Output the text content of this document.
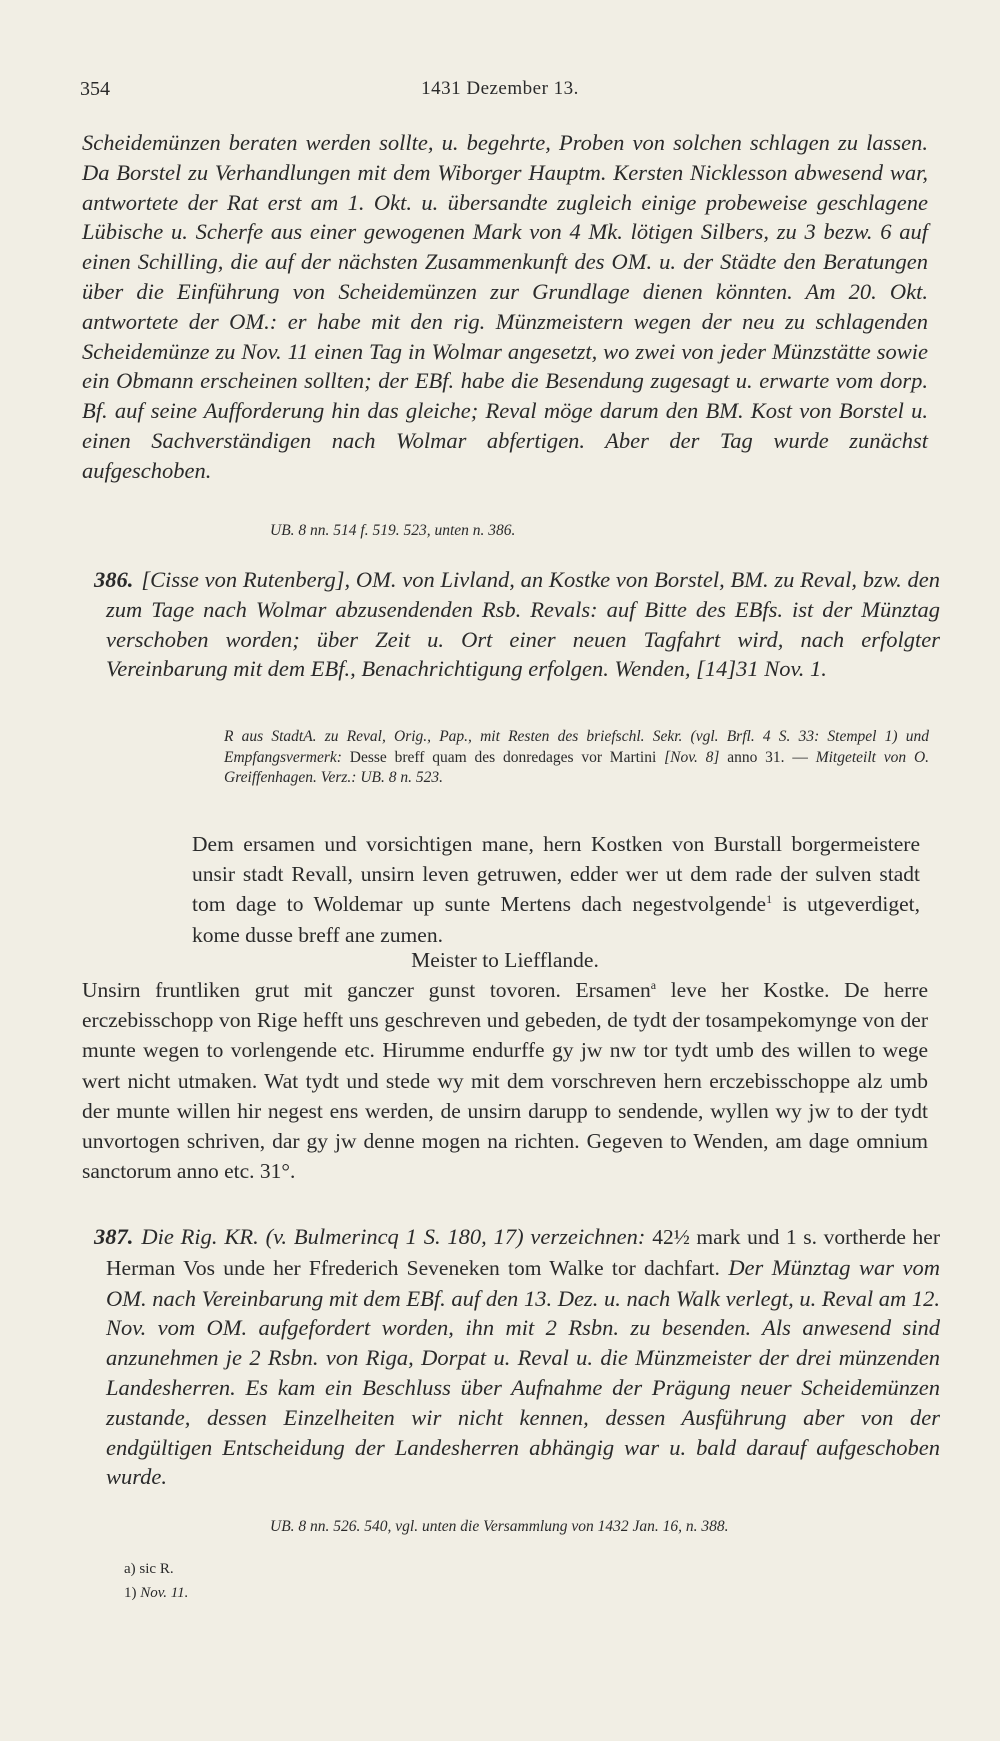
354	1431 Dezember 13.

Scheidemünzen beraten werden sollte, u. begehrte, Proben von solchen schlagen zu lassen. Da Borstel zu Verhandlungen mit dem Wiborger Hauptm. Kersten Nicklesson abwesend war, antwortete der Rat erst am 1. Okt. u. übersandte zugleich einige probeweise geschlagene Lübische u. Scherfe aus einer gewogenen Mark von 4 Mk. lötigen Silbers, zu 3 bezw. 6 auf einen Schilling, die auf der nächsten Zusammenkunft des OM. u. der Städte den Beratungen über die Einführung von Scheidemünzen zur Grundlage dienen könnten. Am 20. Okt. antwortete der OM.: er habe mit den rig. Münzmeistern wegen der neu zu schlagenden Scheidemünze zu Nov. 11 einen Tag in Wolmar angesetzt, wo zwei von jeder Münzstätte sowie ein Obmann erscheinen sollten; der EBf. habe die Besendung zugesagt u. erwarte vom dorp. Bf. auf seine Aufforderung hin das gleiche; Reval möge darum den BM. Kost von Borstel u. einen Sachverständigen nach Wolmar abfertigen. Aber der Tag wurde zunächst aufgeschoben.

UB. 8 nn. 514 f. 519. 523, unten n. 386.

386. [Cisse von Rutenberg], OM. von Livland, an Kostke von Borstel, BM. zu Reval, bzw. den zum Tage nach Wolmar abzusendenden Rsb. Revals: auf Bitte des EBfs. ist der Münztag verschoben worden; über Zeit u. Ort einer neuen Tagfahrt wird, nach erfolgter Vereinbarung mit dem EBf., Benachrichtigung erfolgen. Wenden, [14]31 Nov. 1.

R aus StadtA. zu Reval, Orig., Pap., mit Resten des briefschl. Sekr. (vgl. Brfl. 4 S. 33: Stempel 1) und Empfangsvermerk: Desse breff quam des donredages vor Martini [Nov. 8] anno 31. — Mitgeteilt von O. Greiffenhagen. Verz.: UB. 8 n. 523.

Dem ersamen und vorsichtigen mane, hern Kostken von Burstall borgermeistere unsir stadt Revall, unsirn leven getruwen, edder wer ut dem rade der sulven stadt tom dage to Woldemar up sunte Mertens dach negestvolgende$^1$ is utgeverdiget, kome dusse breff ane zumen.

Meister to Liefflande.

Unsirn fruntliken grut mit ganczer gunst tovoren. Ersamen$^a$ leve her Kostke. De herre erczebisschopp von Rige hefft uns geschreven und gebeden, de tydt der tosampekomynge von der munte wegen to vorlengende etc. Hirumme endurffe gy jw nw tor tydt umb des willen to wege wert nicht utmaken. Wat tydt und stede wy mit dem vorschreven hern erczebisschoppe alz umb der munte willen hir negest ens werden, de unsirn darupp to sendende, wyllen wy jw to der tydt unvortogen schriven, dar gy jw denne mogen na richten. Gegeven to Wenden, am dage omnium sanctorum anno etc. 31°.

387. Die Rig. KR. (v. Bulmerincq 1 S. 180, 17) verzeichnen: 42½ mark und 1 s. vortherde her Herman Vos unde her Ffrederich Seveneken tom Walke tor dachfart. Der Münztag war vom OM. nach Vereinbarung mit dem EBf. auf den 13. Dez. u. nach Walk verlegt, u. Reval am 12. Nov. vom OM. aufgefordert worden, ihn mit 2 Rsbn. zu besenden. Als anwesend sind anzunehmen je 2 Rsbn. von Riga, Dorpat u. Reval u. die Münzmeister der drei münzenden Landesherren. Es kam ein Beschluss über Aufnahme der Prägung neuer Scheidemünzen zustande, dessen Einzelheiten wir nicht kennen, dessen Ausführung aber von der endgültigen Entscheidung der Landesherren abhängig war u. bald darauf aufgeschoben wurde.

UB. 8 nn. 526. 540, vgl. unten die Versammlung von 1432 Jan. 16, n. 388.
a) sic R.
1) Nov. 11.
